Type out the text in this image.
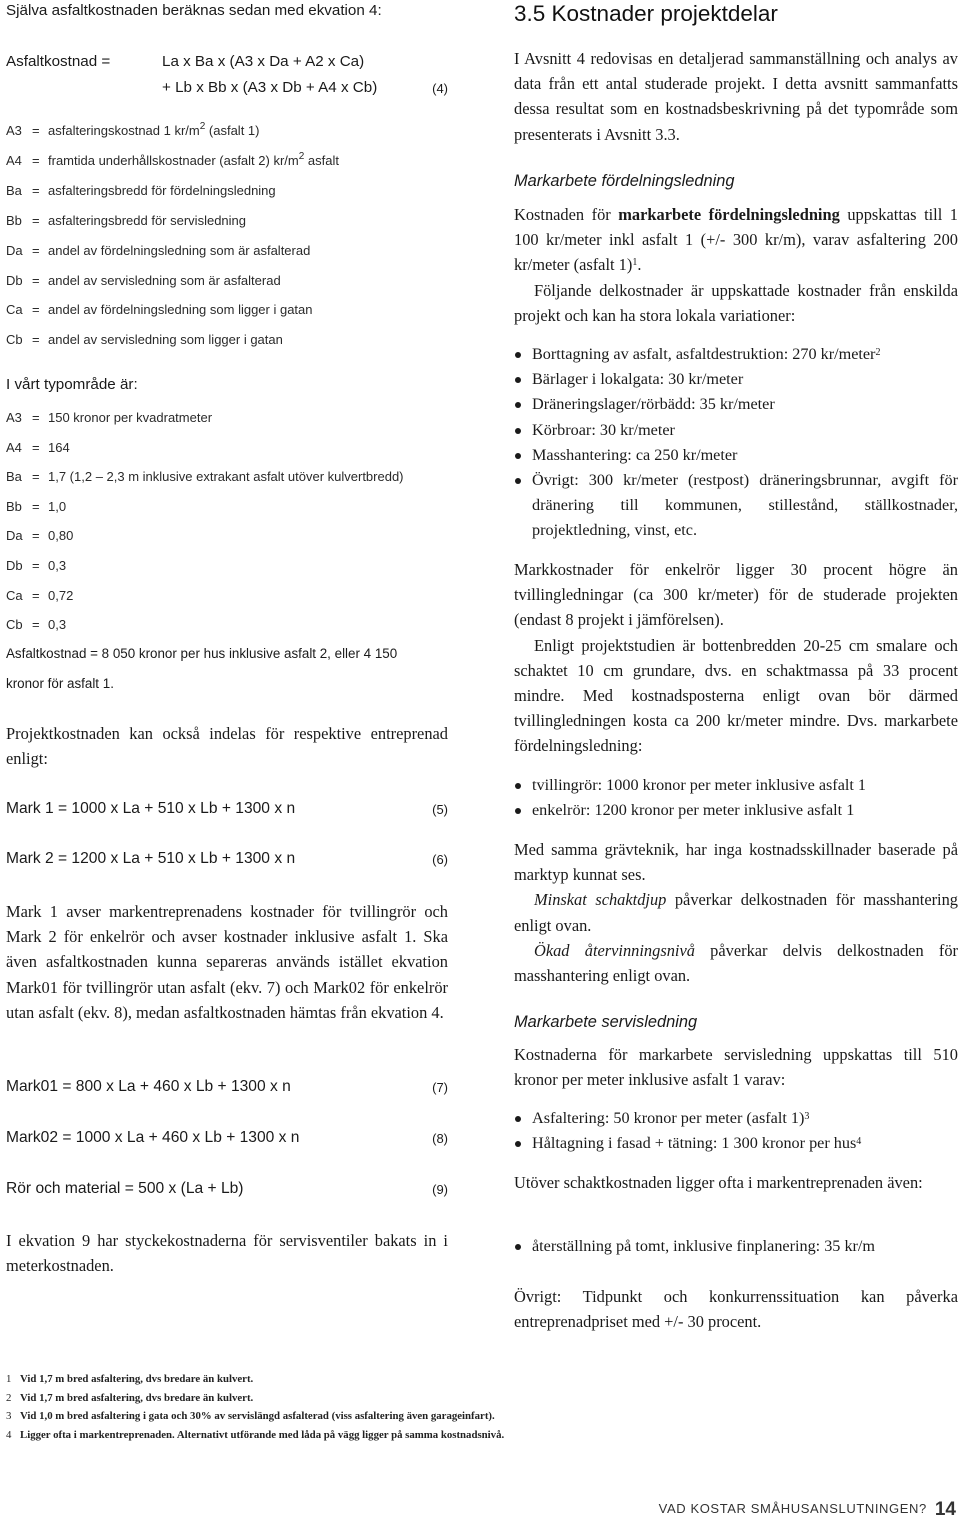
Själva asfaltkostnaden beräknas sedan med ekvation 4:
Asfaltkostnad =	La x Ba x (A3 x Da + A2 x Ca)
+ Lb x Bb x (A3 x Db + A4 x Cb)	(4)
A3 = asfalteringskostnad 1 $kr/m^2$ (asfalt 1)
A4 = framtida underhållskostnader (asfalt 2) $kr/m^2$ asfalt
Ba = asfalteringsbredd för fördelningsledning
Bb = asfalteringsbredd för servisledning
Da = andel av fördelningsledning som är asfalterad
Db = andel av servisledning som är asfalterad
Ca = andel av fördelningsledning som ligger i gatan
Cb = andel av servisledning som ligger i gatan
I vårt typområde är:
A3 = 150 kronor per kvadratmeter
A4 = 164
Ba = 1,7 (1,2 – 2,3 m inklusive extrakant asfalt utöver kulvertbredd)
Bb = 1,0
Da = 0,80
Db = 0,3
Ca = 0,72
Cb = 0,3
Asfaltkostnad = 8 050 kronor per hus inklusive asfalt 2, eller 4 150
kronor för asfalt 1.
Projektkostnaden kan också indelas för respektive entreprenad enligt:
Mark 1 = 1000 x La + 510 x Lb + 1300 x n	(5)
Mark 2 = 1200 x La + 510 x Lb + 1300 x n	(6)
Mark 1 avser markentreprenadens kostnader för tvillingrör och Mark 2 för enkelrör och avser kostnader inklusive asfalt 1. Ska även asfaltkostnaden kunna separeras används istället ekvation Mark01 för tvillingrör utan asfalt (ekv. 7) och Mark02 för enkelrör utan asfalt (ekv. 8), medan asfaltkostnaden hämtas från ekvation 4.
Mark01 = 800 x La + 460 x Lb + 1300 x n	(7)
Mark02 = 1000 x La + 460 x Lb + 1300 x n	(8)
Rör och material = 500 x (La + Lb)	(9)
I ekvation 9 har styckekostnaderna för servisventiler bakats in i meterkostnaden.
3.5 Kostnader projektdelar
I Avsnitt 4 redovisas en detaljerad sammanställning och analys av data från ett antal studerade projekt. I detta avsnitt sammanfatts dessa resultat som en kostnadsbeskrivning på det typområde som presenterats i Avsnitt 3.3.
Markarbete fördelningsledning

Kostnaden för markarbete fördelningsledning uppskattas till 1 100 kr/meter inkl asfalt 1 (+/- 300 kr/m), varav asfaltering 200 kr/meter (asfalt 1)$^1$.

Följande delkostnader är uppskattade kostnader från enskilda projekt och kan ha stora lokala variationer:

Borttagning av asfalt, asfaltdestruktion: 270 kr/meter$^2$
Bärlager i lokalgata: 30 kr/meter
Dräneringslager/rörbädd: 35 kr/meter
Körbroar: 30 kr/meter
Masshantering: ca 250 kr/meter
Övrigt: 300 kr/meter (restpost) dräneringsbrunnar, avgift för dränering till kommunen, stillestånd, ställkostnader, projektledning, vinst, etc.

Markkostnader för enkelrör ligger 30 procent högre än tvillingledningar (ca 300 kr/meter) för de studerade projekten (endast 8 projekt i jämförelsen).

Enligt projektstudien är bottenbredden 20-25 cm smalare och schaktet 10 cm grundare, dvs. en schaktmassa på 33 procent mindre. Med kostnadsposterna enligt ovan bör därmed tvillingledningen kosta ca 200 kr/meter mindre. Dvs. markarbete fördelningsledning:

tvillingrör: 1000 kronor per meter inklusive asfalt 1
enkelrör: 1200 kronor per meter inklusive asfalt 1

Med samma grävteknik, har inga kostnadsskillnader baserade på marktyp kunnat ses.

Minskat schaktdjup påverkar delkostnaden för masshantering enligt ovan.

Ökad återvinningsnivå påverkar delvis delkostnaden för masshantering enligt ovan.

Markarbete servisledning
Kostnaderna för markarbete servisledning uppskattas till 510 kronor per meter inklusive asfalt 1 varav:
Asfaltering: 50 kronor per meter (asfalt 1)$^3$
Håltagning i fasad + tätning: 1 300 kronor per hus$^4$
Utöver schaktkostnaden ligger ofta i markentreprenaden även:
återställning på tomt, inklusive finplanering: 35 kr/m
Övrigt: Tidpunkt och konkurrenssituation kan påverka entreprenadpriset med +/- 30 procent.
1 Vid 1,7 m bred asfaltering, dvs bredare än kulvert.
2 Vid 1,7 m bred asfaltering, dvs bredare än kulvert.
3 Vid 1,0 m bred asfaltering i gata och 30% av servislängd asfalterad (viss asfaltering även garageinfart).
4 Ligger ofta i markentreprenaden. Alternativt utförande med låda på vägg ligger på samma kostnadsnivå.
VAD KOSTAR SMÅHUSANSLUTNINGEN? 14
